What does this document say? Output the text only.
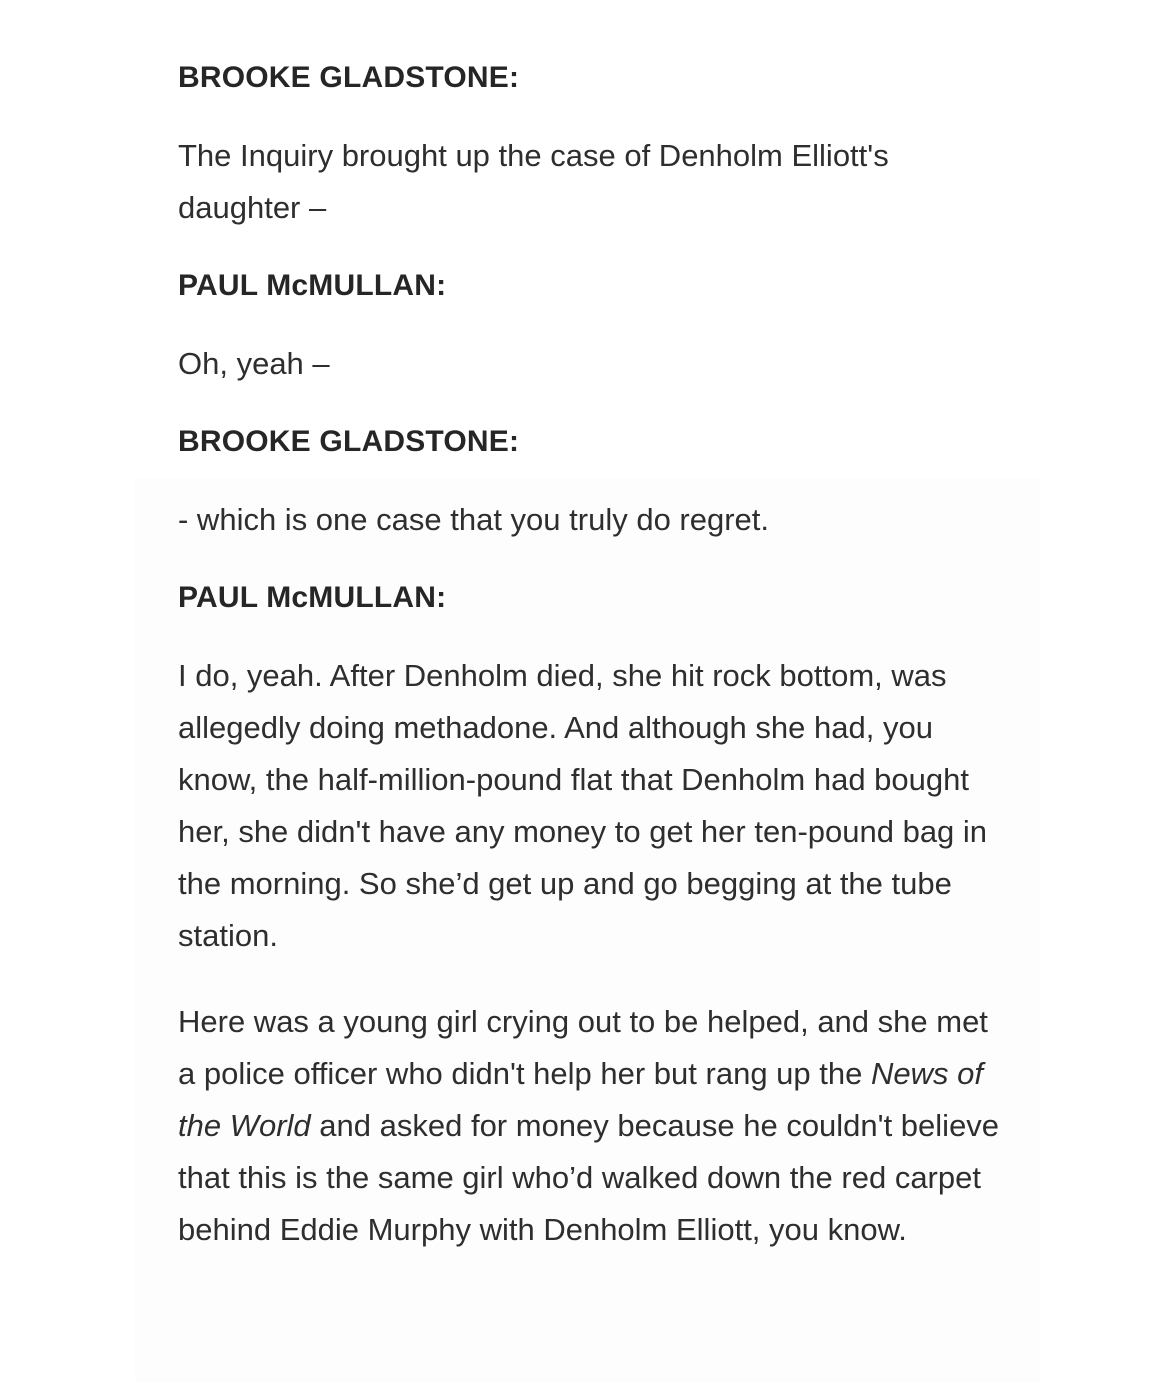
BROOKE GLADSTONE:

The Inquiry brought up the case of Denholm Elliott's daughter –

PAUL McMULLAN:

Oh, yeah –

BROOKE GLADSTONE:

- which is one case that you truly do regret.

PAUL McMULLAN:

I do, yeah. After Denholm died, she hit rock bottom, was allegedly doing methadone. And although she had, you know, the half-million-pound flat that Denholm had bought her, she didn't have any money to get her ten-pound bag in the morning. So she’d get up and go begging at the tube station.

Here was a young girl crying out to be helped, and she met a police officer who didn't help her but rang up the News of the World and asked for money because he couldn't believe that this is the same girl who’d walked down the red carpet behind Eddie Murphy with Denholm Elliott, you know.
